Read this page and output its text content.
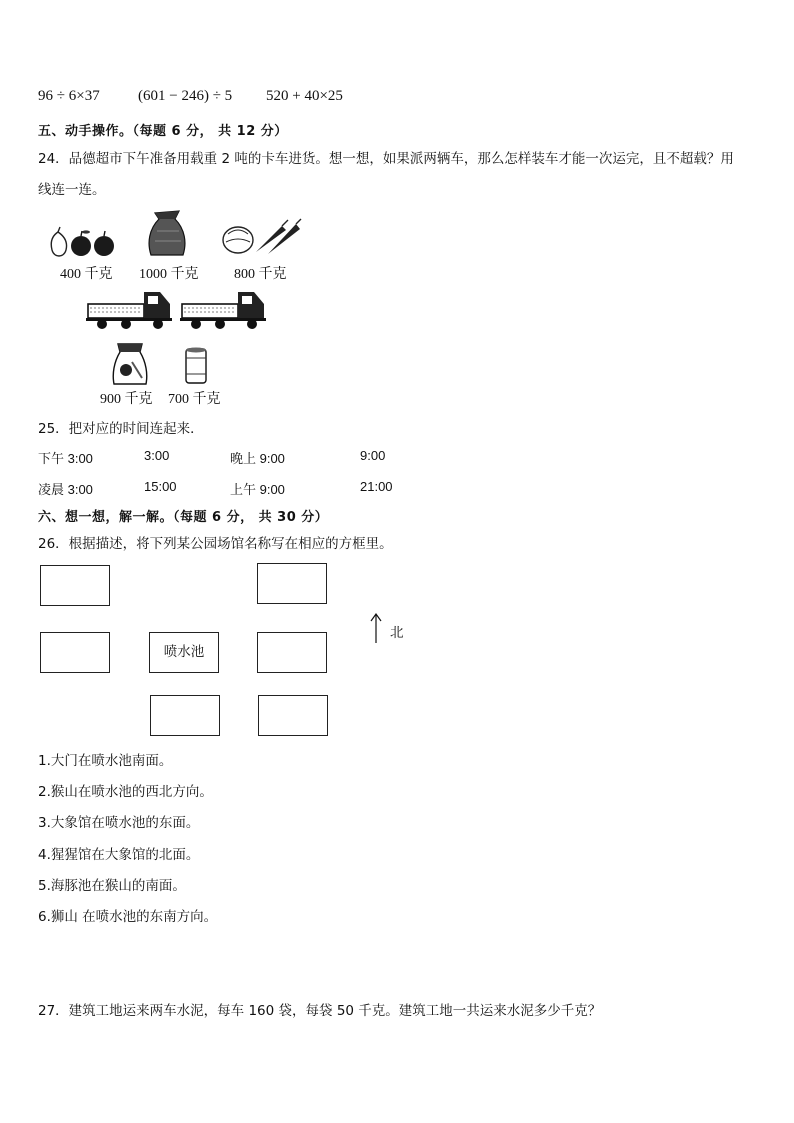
96 ÷ 6×37	(601 − 246) ÷ 5 520 + 40×25
五、动手操作。（每题 6 分， 共 12 分）
24．品德超市下午准备用载重 2 吨的卡车进货。想一想，如果派两辆车，那么怎样装车才能一次运完，且不超载？用
线连一连。
400 千克 1000 千克	800 千克
900 千克 700 千克
25．把对应的时间连起来．
下午 3:00	3:00	晚上 9:00	9:00
凌晨 3:00	15:00	上午 9:00	21:00
六、想一想，解一解。（每题 6 分， 共 30 分）
26．根据描述，将下列某公园场馆名称写在相应的方框里。
喷水池
北
1.大门在喷水池南面。
2.猴山在喷水池的西北方向。
3.大象馆在喷水池的东面。
4.猩猩馆在大象馆的北面。
5.海豚池在猴山的南面。
6.狮山 在喷水池的东南方向。
27．建筑工地运来两车水泥，每车 160 袋，每袋 50 千克。建筑工地一共运来水泥多少千克？
